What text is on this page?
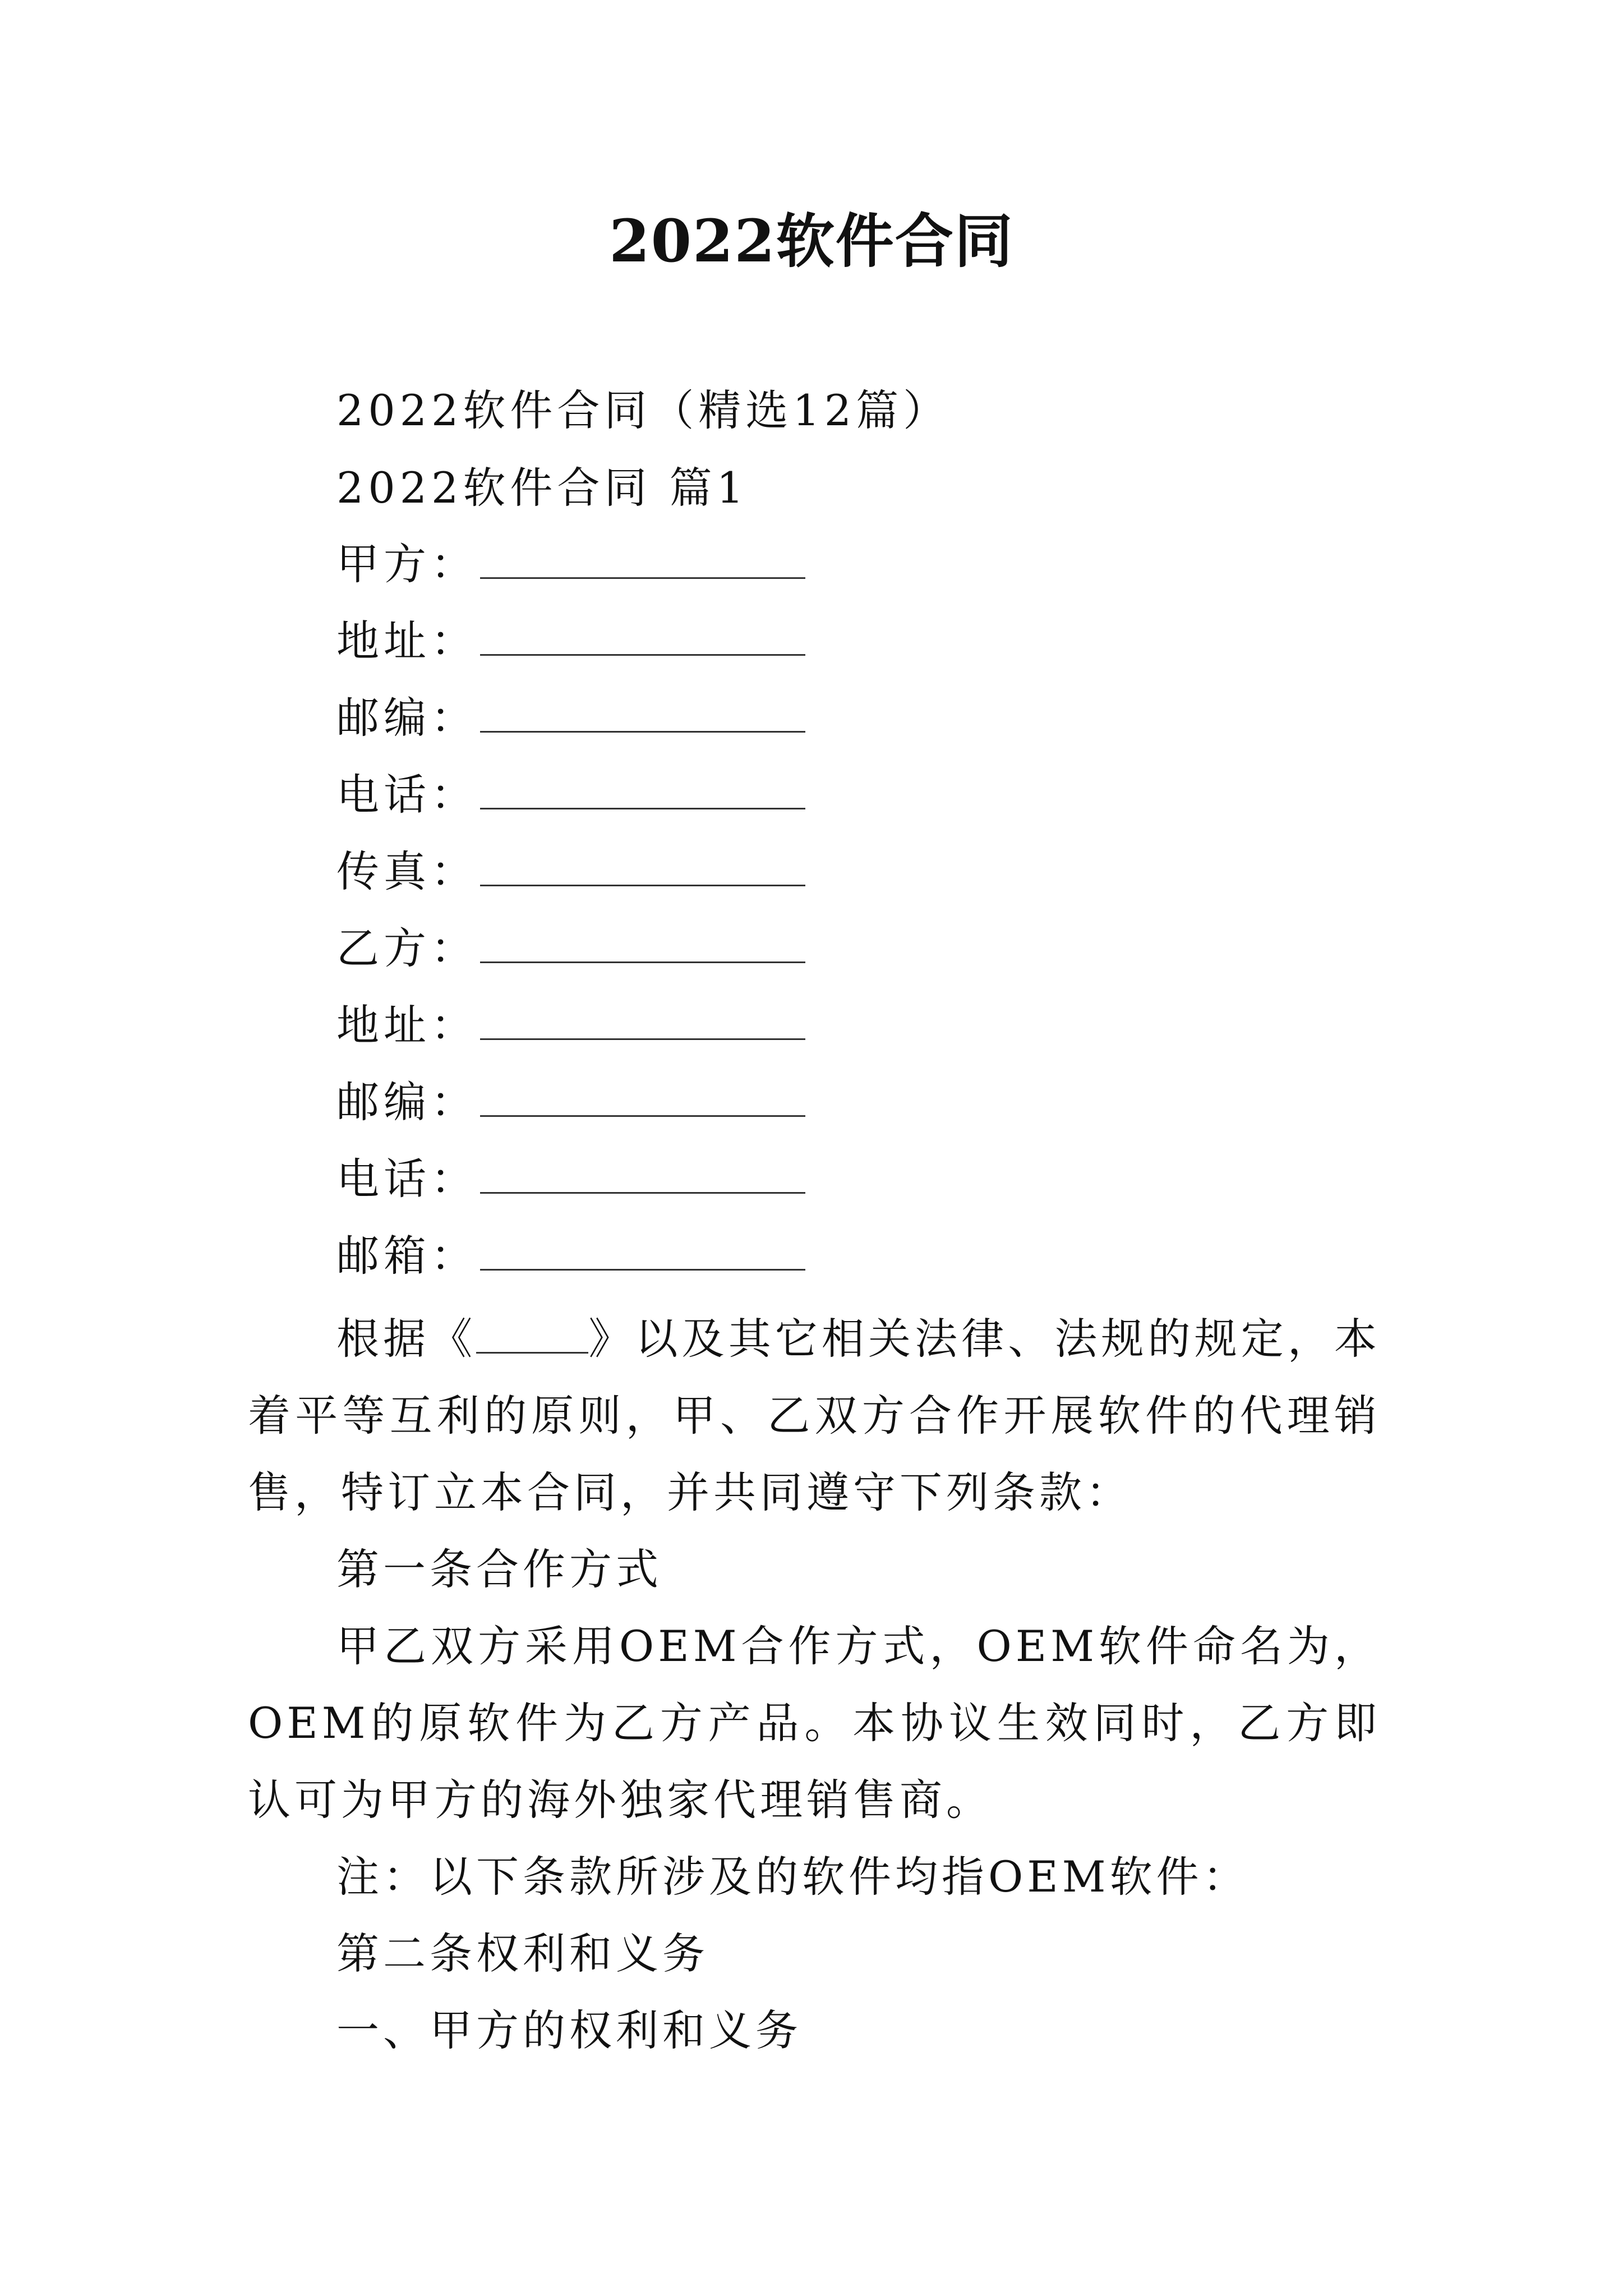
2022软件合同
2022软件合同（精选12篇）
2022软件合同 篇1
甲方：
地址：
邮编：
电话：
传真：
乙方：
地址：
邮编：
电话：
邮箱：
根据《	》以及其它相关法律、法规的规定，本着平等互利的原则，甲、乙双方合作开展软件的代理销售，特订立本合同，并共同遵守下列条款：
第一条合作方式
甲乙双方采用OEM合作方式，OEM软件命名为，OEM的原软件为乙方产品。本协议生效同时，乙方即认可为甲方的海外独家代理销售商。
注：以下条款所涉及的软件均指OEM软件：
第二条权利和义务
一、甲方的权利和义务
